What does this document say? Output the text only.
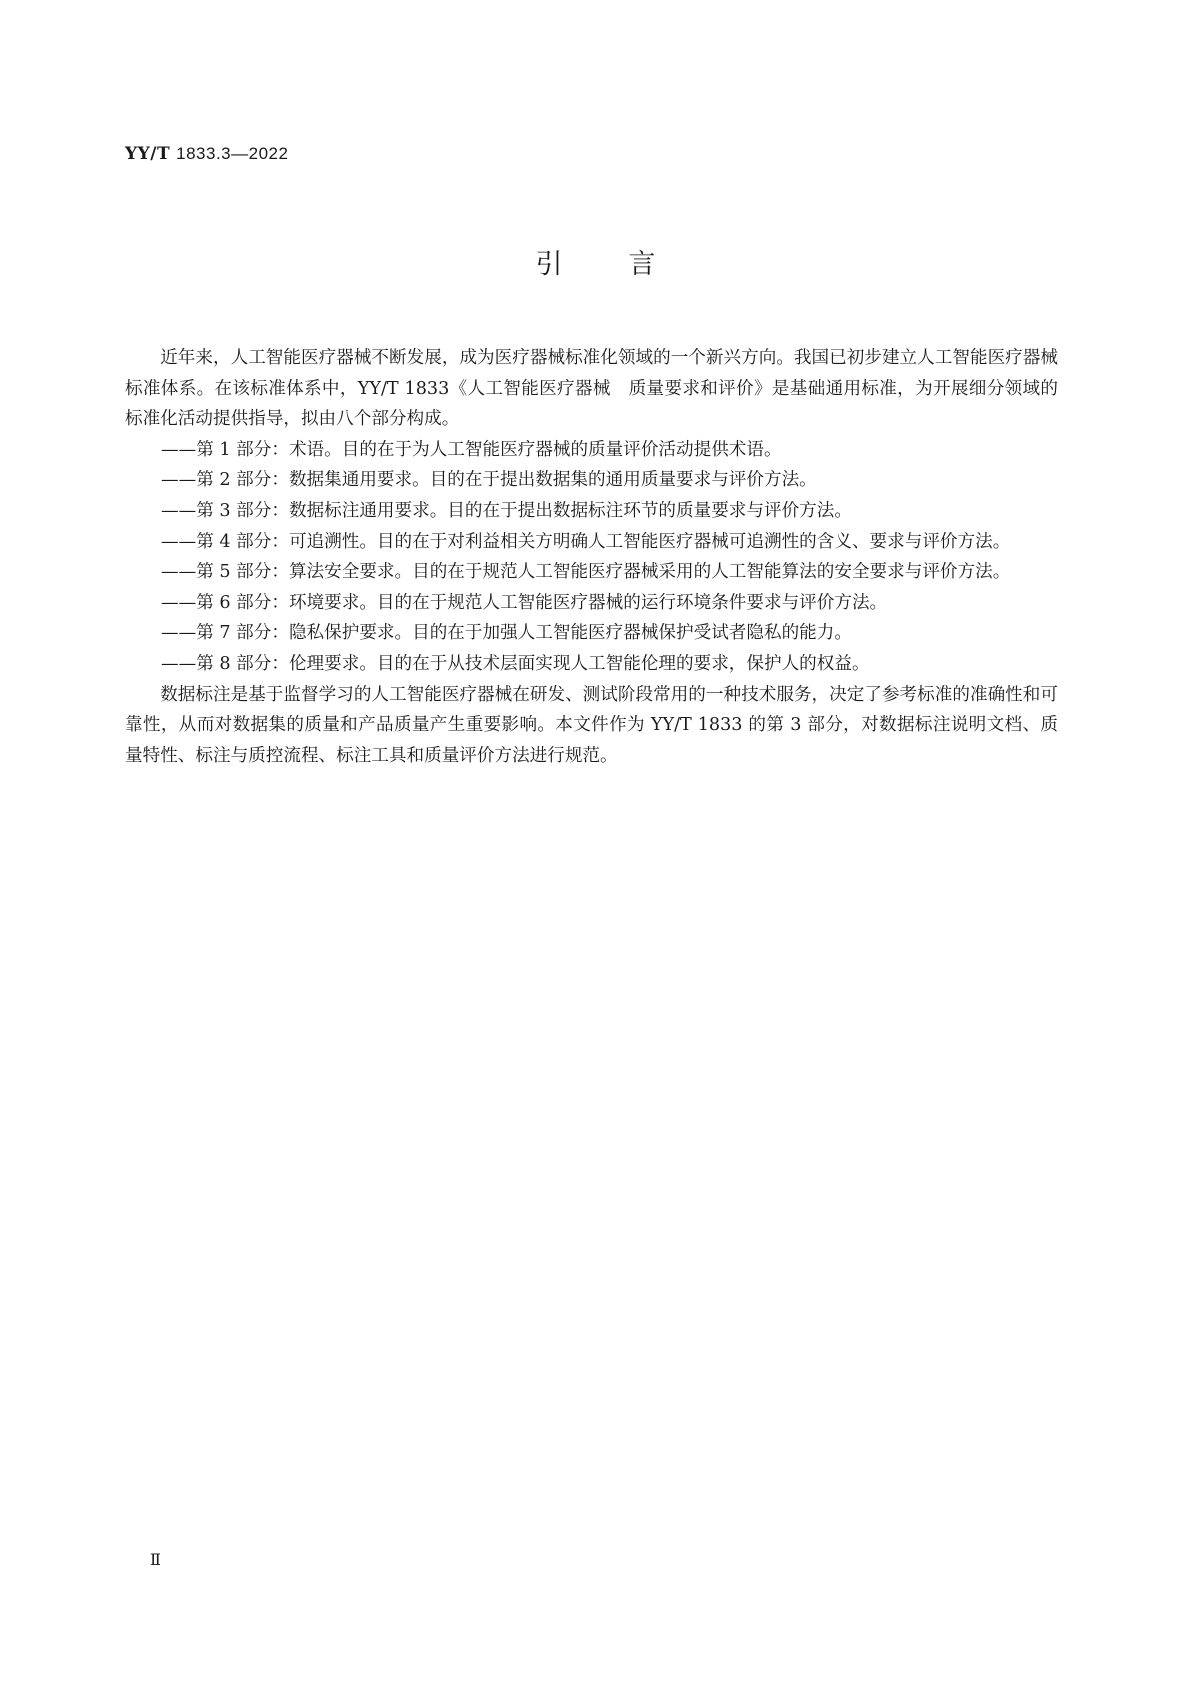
YY/T 1833.3—2022
引言

近年来，人工智能医疗器械不断发展，成为医疗器械标准化领域的一个新兴方向。我国已初步建立人工智能医疗器械标准体系。在该标准体系中，YY/T 1833《人工智能医疗器械　质量要求和评价》是基础通用标准，为开展细分领域的标准化活动提供指导，拟由八个部分构成。

——第 1 部分：术语。目的在于为人工智能医疗器械的质量评价活动提供术语。

——第 2 部分：数据集通用要求。目的在于提出数据集的通用质量要求与评价方法。

——第 3 部分：数据标注通用要求。目的在于提出数据标注环节的质量要求与评价方法。

——第 4 部分：可追溯性。目的在于对利益相关方明确人工智能医疗器械可追溯性的含义、要求与评价方法。

——第 5 部分：算法安全要求。目的在于规范人工智能医疗器械采用的人工智能算法的安全要求与评价方法。

——第 6 部分：环境要求。目的在于规范人工智能医疗器械的运行环境条件要求与评价方法。

——第 7 部分：隐私保护要求。目的在于加强人工智能医疗器械保护受试者隐私的能力。

——第 8 部分：伦理要求。目的在于从技术层面实现人工智能伦理的要求，保护人的权益。

数据标注是基于监督学习的人工智能医疗器械在研发、测试阶段常用的一种技术服务，决定了参考标准的准确性和可靠性，从而对数据集的质量和产品质量产生重要影响。本文件作为 YY/T 1833 的第 3 部分，对数据标注说明文档、质量特性、标注与质控流程、标注工具和质量评价方法进行规范。

Ⅱ
